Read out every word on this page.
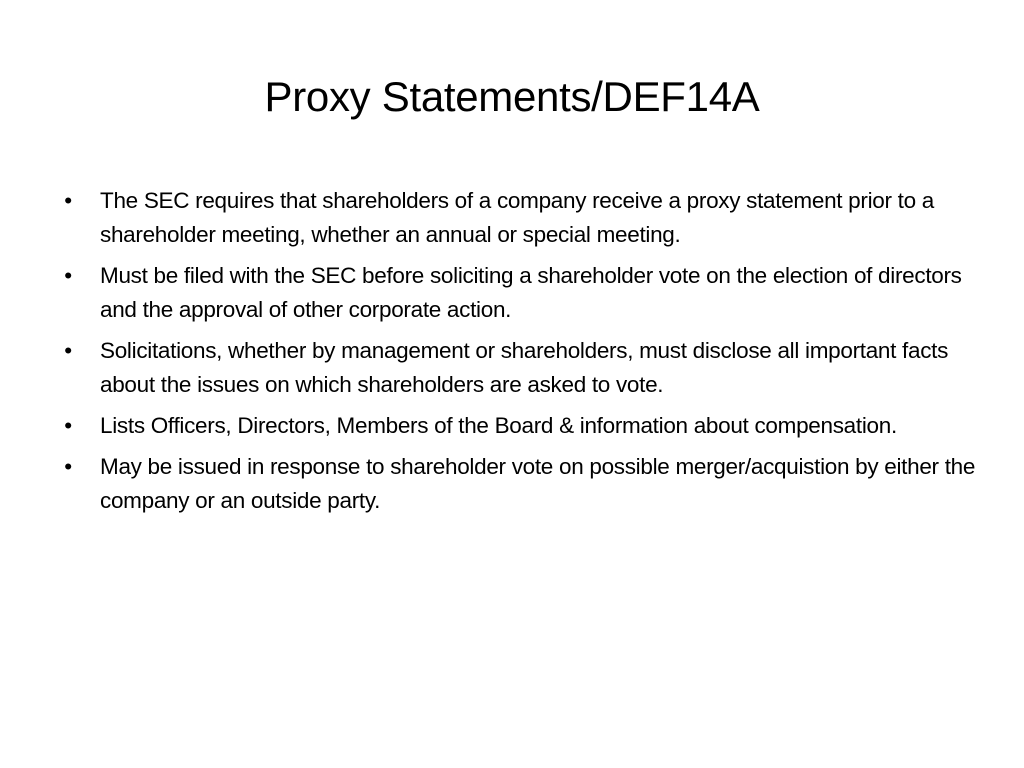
Proxy Statements/DEF14A
• The SEC requires that shareholders of a company receive a proxy statement prior to a shareholder meeting, whether an annual or special meeting.
• Must be filed with the SEC before soliciting a shareholder vote on the election of directors and the approval of other corporate action.
• Solicitations, whether by management or shareholders, must disclose all important facts about the issues on which shareholders are asked to vote.
• Lists Officers, Directors, Members of the Board & information about compensation.
• May be issued in response to shareholder vote on possible merger/acquistion by either the company or an outside party.
